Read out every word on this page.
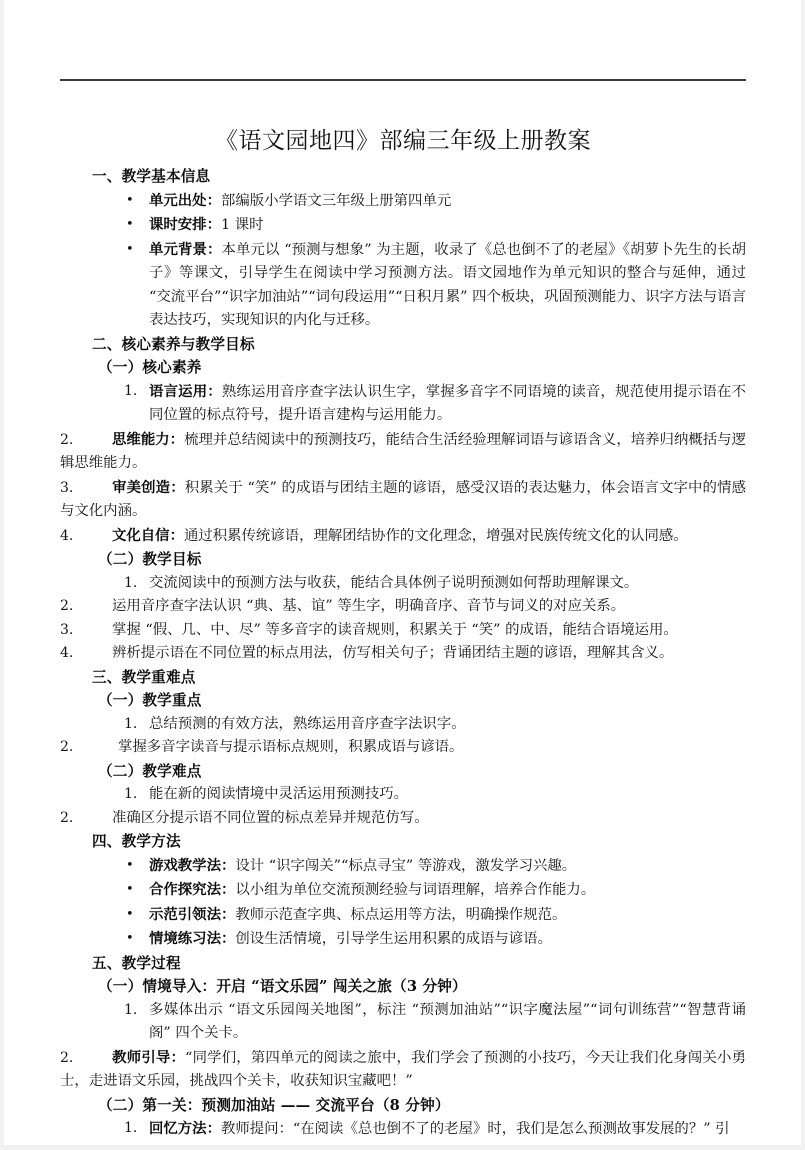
《语文园地四》部编三年级上册教案
一、教学基本信息
• 单元出处：部编版小学语文三年级上册第四单元
• 课时安排：1 课时
• 单元背景：本单元以 “预测与想象” 为主题，收录了《总也倒不了的老屋》《胡萝卜先生的长胡子》等课文，引导学生在阅读中学习预测方法。语文园地作为单元知识的整合与延伸，通过 “交流平台”“识字加油站”“词句段运用”“日积月累” 四个板块，巩固预测能力、识字方法与语言表达技巧，实现知识的内化与迁移。
二、核心素养与教学目标
（一）核心素养
1. 语言运用：熟练运用音序查字法认识生字，掌握多音字不同语境的读音，规范使用提示语在不同位置的标点符号，提升语言建构与运用能力。
2.	思维能力：梳理并总结阅读中的预测技巧，能结合生活经验理解词语与谚语含义，培养归纳概括与逻辑思维能力。
3.	审美创造：积累关于 “笑” 的成语与团结主题的谚语，感受汉语的表达魅力，体会语言文字中的情感与文化内涵。
4.	文化自信：通过积累传统谚语，理解团结协作的文化理念，增强对民族传统文化的认同感。
（二）教学目标
1. 交流阅读中的预测方法与收获，能结合具体例子说明预测如何帮助理解课文。
2.	运用音序查字法认识 “典、基、谊” 等生字，明确音序、音节与词义的对应关系。
3.	掌握 “假、几、中、尽” 等多音字的读音规则，积累关于 “笑” 的成语，能结合语境运用。
4.	辨析提示语在不同位置的标点用法，仿写相关句子；背诵团结主题的谚语，理解其含义。
三、教学重难点
（一）教学重点
1. 总结预测的有效方法，熟练运用音序查字法识字。
2.	掌握多音字读音与提示语标点规则，积累成语与谚语。
（二）教学难点
1. 能在新的阅读情境中灵活运用预测技巧。
2.	准确区分提示语不同位置的标点差异并规范仿写。
四、教学方法
• 游戏教学法：设计 “识字闯关”“标点寻宝” 等游戏，激发学习兴趣。
• 合作探究法：以小组为单位交流预测经验与词语理解，培养合作能力。
• 示范引领法：教师示范查字典、标点运用等方法，明确操作规范。
• 情境练习法：创设生活情境，引导学生运用积累的成语与谚语。
五、教学过程
（一）情境导入：开启 “语文乐园” 闯关之旅（3 分钟）
1. 多媒体出示 “语文乐园闯关地图”，标注 “预测加油站”“识字魔法屋”“词句训练营”“智慧背诵阁” 四个关卡。
2.	教师引导：“同学们，第四单元的阅读之旅中，我们学会了预测的小技巧，今天让我们化身闯关小勇士，走进语文乐园，挑战四个关卡，收获知识宝藏吧！”
（二）第一关：预测加油站 —— 交流平台（8 分钟）
1. 回忆方法：教师提问：“在阅读《总也倒不了的老屋》时，我们是怎么预测故事发展的？” 引
